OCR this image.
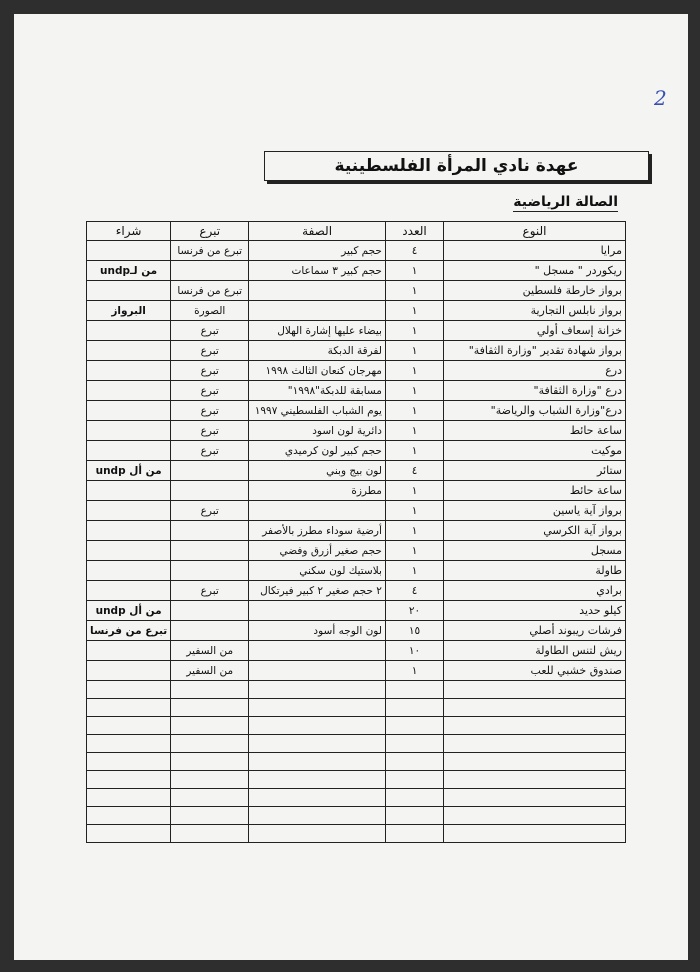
2
عهدة نادي المرأة الفلسطينية
الصالة الرياضية
النوع	العدد	الصفة	تبرع	شراء
مرايا	٤	حجم كبير	تبرع من فرنسا	
ريكوردر " مسجل "	١	حجم كبير ٣ سماعات		من لـundp
برواز خارطة فلسطين	١		تبرع من فرنسا	
برواز نابلس التجارية	١		الصورة	البرواز
خزانة إسعاف أولي	١	بيضاء عليها إشارة الهلال	تبرع	
برواز شهادة تقدير "وزارة الثقافة"	١	لفرقة الدبكة	تبرع	
درع	١	مهرجان كنعان الثالث ١٩٩٨	تبرع	
درع "وزارة الثقافة"	١	مسابقة للدبكة"١٩٩٨"	تبرع	
درع"وزارة الشباب والرياضة"	١	يوم الشباب الفلسطيني ١٩٩٧	تبرع	
ساعة حائط	١	دائرية لون اسود	تبرع	
موكيت	١	حجم كبير لون كرميدي	تبرع	
ستائر	٤	لون بيج وبني		من أل undp
ساعة حائط	١	مطرزة		
برواز آية ياسين	١		تبرع	
برواز آية الكرسي	١	أرضية سوداء مطرز بالأصفر		
مسجل	١	حجم صغير أزرق وفضي		
طاولة	١	بلاستيك لون سكني		
برادي	٤	٢ حجم صغير ٢ كبير فيرتكال	تبرع	
كيلو حديد	٢٠			من أل undp
فرشات ريبوند أصلي	١٥	لون الوجه أسود		تبرع من فرنسا
ريش لتنس الطاولة	١٠		من السفير	
صندوق خشبي للعب	١		من السفير	
